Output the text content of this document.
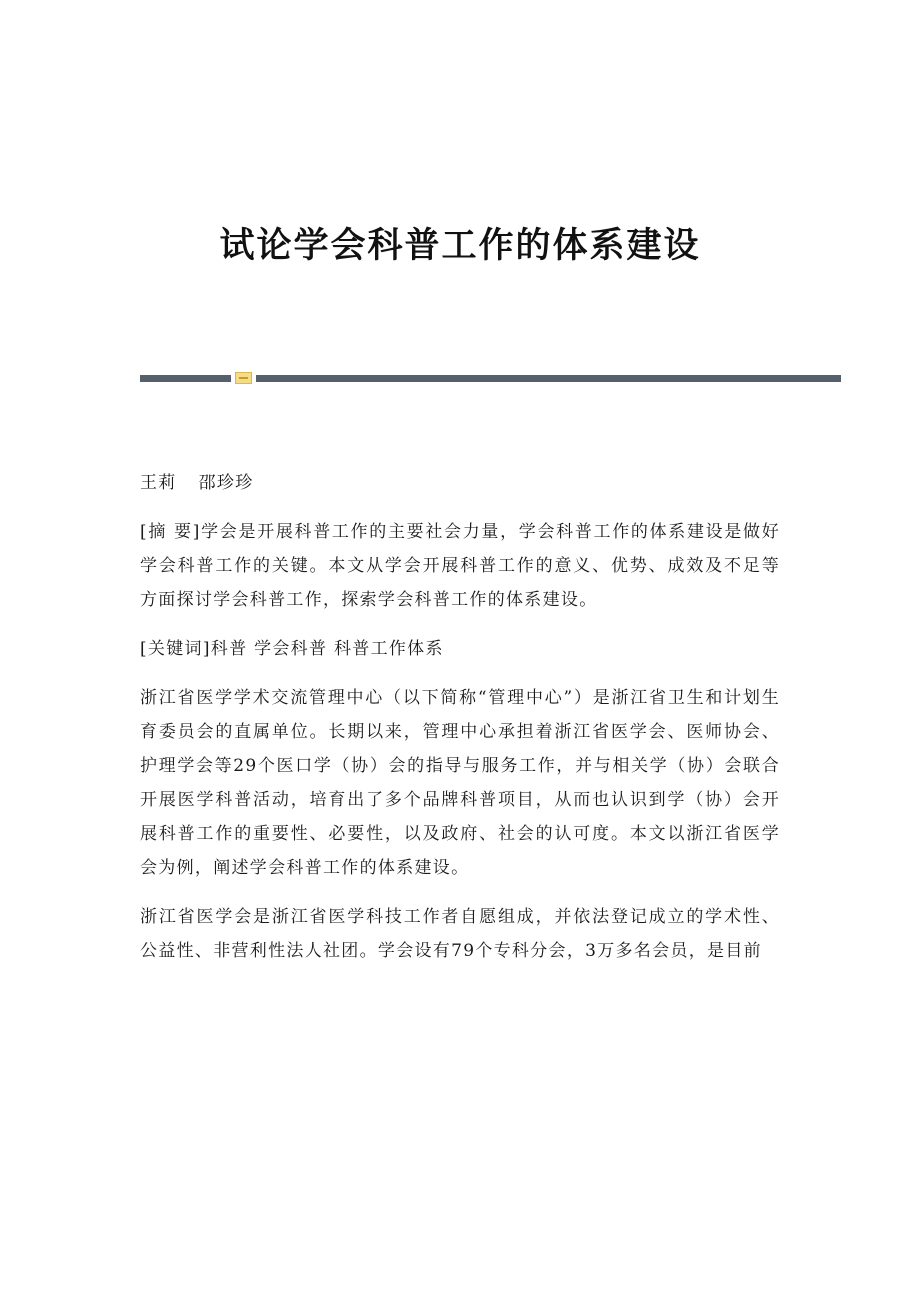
试论学会科普工作的体系建设

王莉 邵珍珍

[摘 要]学会是开展科普工作的主要社会力量，学会科普工作的体系建设是做好学会科普工作的关键。本文从学会开展科普工作的意义、优势、成效及不足等方面探讨学会科普工作，探索学会科普工作的体系建设。

[关键词]科普 学会科普 科普工作体系

浙江省医学学术交流管理中心（以下简称“管理中心”）是浙江省卫生和计划生育委员会的直属单位。长期以来，管理中心承担着浙江省医学会、医师协会、护理学会等29个医口学（协）会的指导与服务工作，并与相关学（协）会联合开展医学科普活动，培育出了多个品牌科普项目，从而也认识到学（协）会开展科普工作的重要性、必要性，以及政府、社会的认可度。本文以浙江省医学会为例，阐述学会科普工作的体系建设。

浙江省医学会是浙江省医学科技工作者自愿组成，并依法登记成立的学术性、公益性、非营利性法人社团。学会设有79个专科分会，3万多名会员，是目前
